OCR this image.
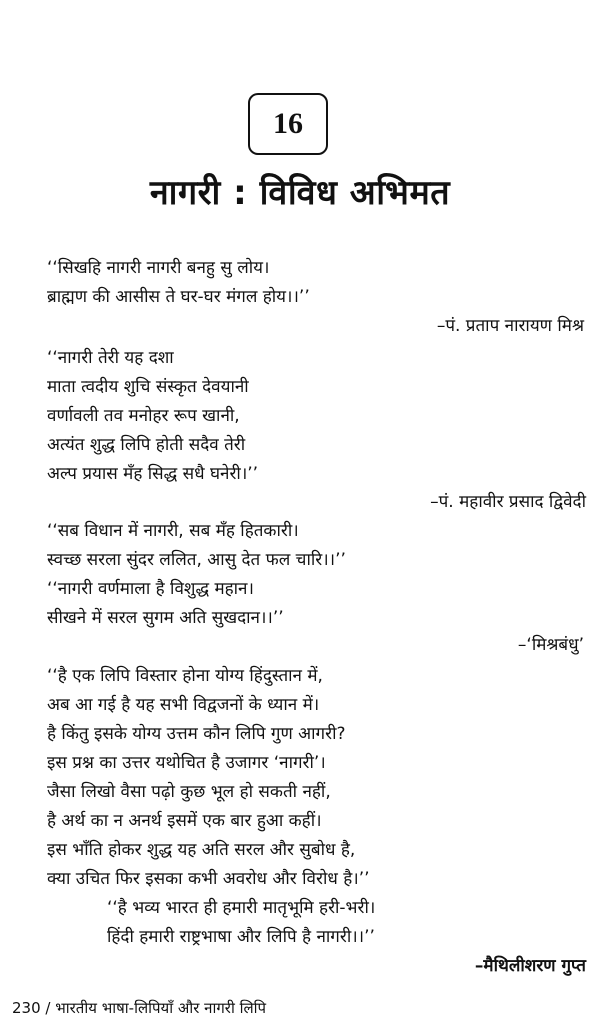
16
नागरी : विविध अभिमत
‘‘सिखहि नागरी नागरी बनहु सु लोय।
ब्राह्मण की आसीस ते घर-घर मंगल होय।।’’
–पं. प्रताप नारायण मिश्र
‘‘नागरी तेरी यह दशा
माता त्वदीय शुचि संस्कृत देवयानी
वर्णावली तव मनोहर रूप खानी,
अत्यंत शुद्ध लिपि होती सदैव तेरी
अल्प प्रयास मँह सिद्ध सधै घनेरी।’’
–पं. महावीर प्रसाद द्विवेदी
‘‘सब विधान में नागरी, सब मँह हितकारी।
स्वच्छ सरला सुंदर ललित, आसु देत फल चारि।।’’
‘‘नागरी वर्णमाला है विशुद्ध महान।
सीखने में सरल सुगम अति सुखदान।।’’
–‘मिश्रबंधु’
‘‘है एक लिपि विस्तार होना योग्य हिंदुस्तान में,
अब आ गई है यह सभी विद्वजनों के ध्यान में।
है किंतु इसके योग्य उत्तम कौन लिपि गुण आगरी?
इस प्रश्न का उत्तर यथोचित है उजागर ‘नागरी’।
जैसा लिखो वैसा पढ़ो कुछ भूल हो सकती नहीं,
है अर्थ का न अनर्थ इसमें एक बार हुआ कहीं।
इस भाँति होकर शुद्ध यह अति सरल और सुबोध है,
क्या उचित फिर इसका कभी अवरोध और विरोध है।’’
‘‘है भव्य भारत ही हमारी मातृभूमि हरी-भरी।
हिंदी हमारी राष्ट्रभाषा और लिपि है नागरी।।’’
–मैथिलीशरण गुप्त
230 / भारतीय भाषा-लिपियाँ और नागरी लिपि
